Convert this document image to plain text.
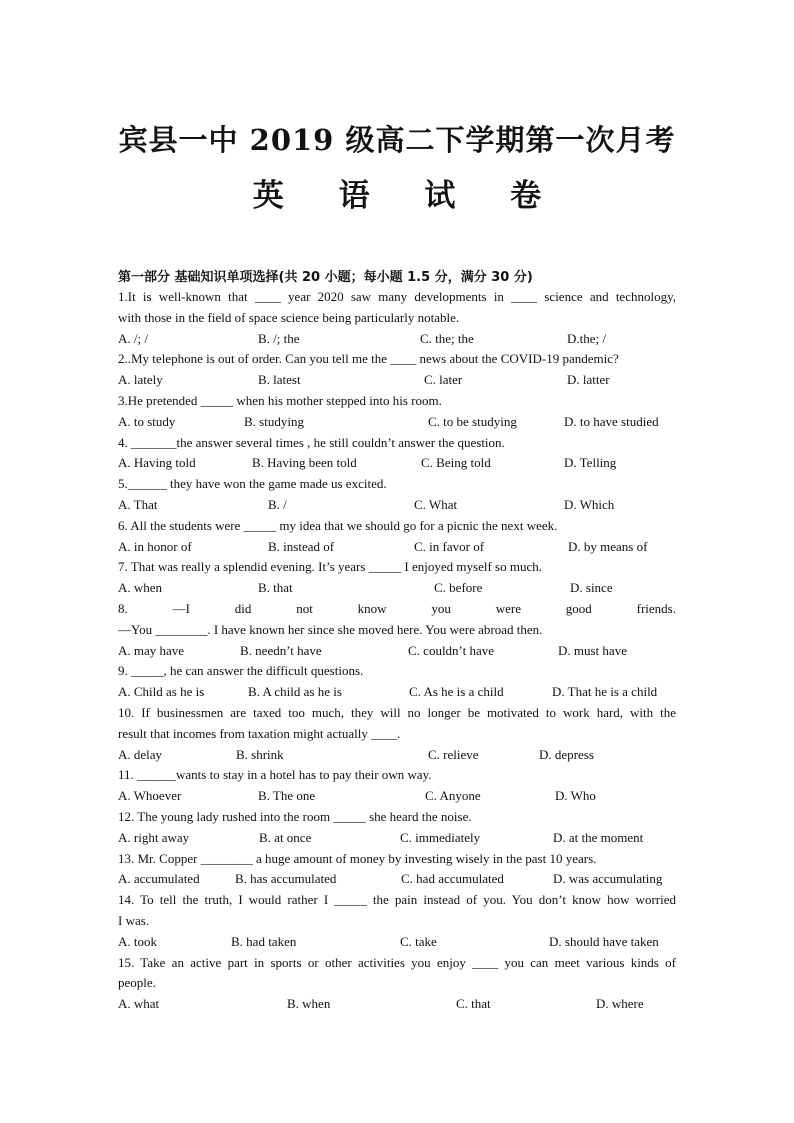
宾县一中 2019 级高二下学期第一次月考
英 语 试 卷
第一部分 基础知识单项选择(共 20 小题；每小题 1.5 分，满分 30 分)
1.It is well-known that ____ year 2020 saw many developments in ____ science and technology,
with those in the field of space science being particularly notable.
A. /; /	B. /; the	C. the; the	D.the; /
2..My telephone is out of order. Can you tell me the ____ news about the COVID-19 pandemic?
A. lately	B. latest	C. later	D. latter
3.He pretended _____ when his mother stepped into his room.
A. to study	B. studying	C. to be studying	D. to have studied
4. _______the answer several times , he still couldn’t answer the question.
A. Having told	B. Having been told	C. Being told	D. Telling
5.______ they have won the game made us excited.
A. That	B. /	C. What	D. Which
6. All the students were _____ my idea that we should go for a picnic the next week.
A. in honor of	B. instead of	C. in favor of	D. by means of
7. That was really a splendid evening. It’s years _____ I enjoyed myself so much.
A. when	B. that	C. before	D. since
8. —I did not know you were good friends.
—You ________. I have known her since she moved here. You were abroad then.
A. may have	B. needn’t have	C. couldn’t have	D. must have
9. _____, he can answer the difficult questions.
A. Child as he is	B. A child as he is	C. As he is a child	D. That he is a child
10. If businessmen are taxed too much, they will no longer be motivated to work hard, with the
result that incomes from taxation might actually ____.
A. delay	B. shrink	C. relieve	D. depress
11. ______wants to stay in a hotel has to pay their own way.
A. Whoever	B. The one	C. Anyone	D. Who
12. The young lady rushed into the room _____ she heard the noise.
A. right away	B. at once	C. immediately	D. at the moment
13. Mr. Copper ________ a huge amount of money by investing wisely in the past 10 years.
A. accumulated	B. has accumulated	C. had accumulated	D. was accumulating
14. To tell the truth, I would rather I _____ the pain instead of you. You don’t know how worried
I was.
A. took	B. had taken	C. take	D. should have taken
15. Take an active part in sports or other activities you enjoy ____ you can meet various kinds of
people.
A. what	B. when	C. that	D. where
